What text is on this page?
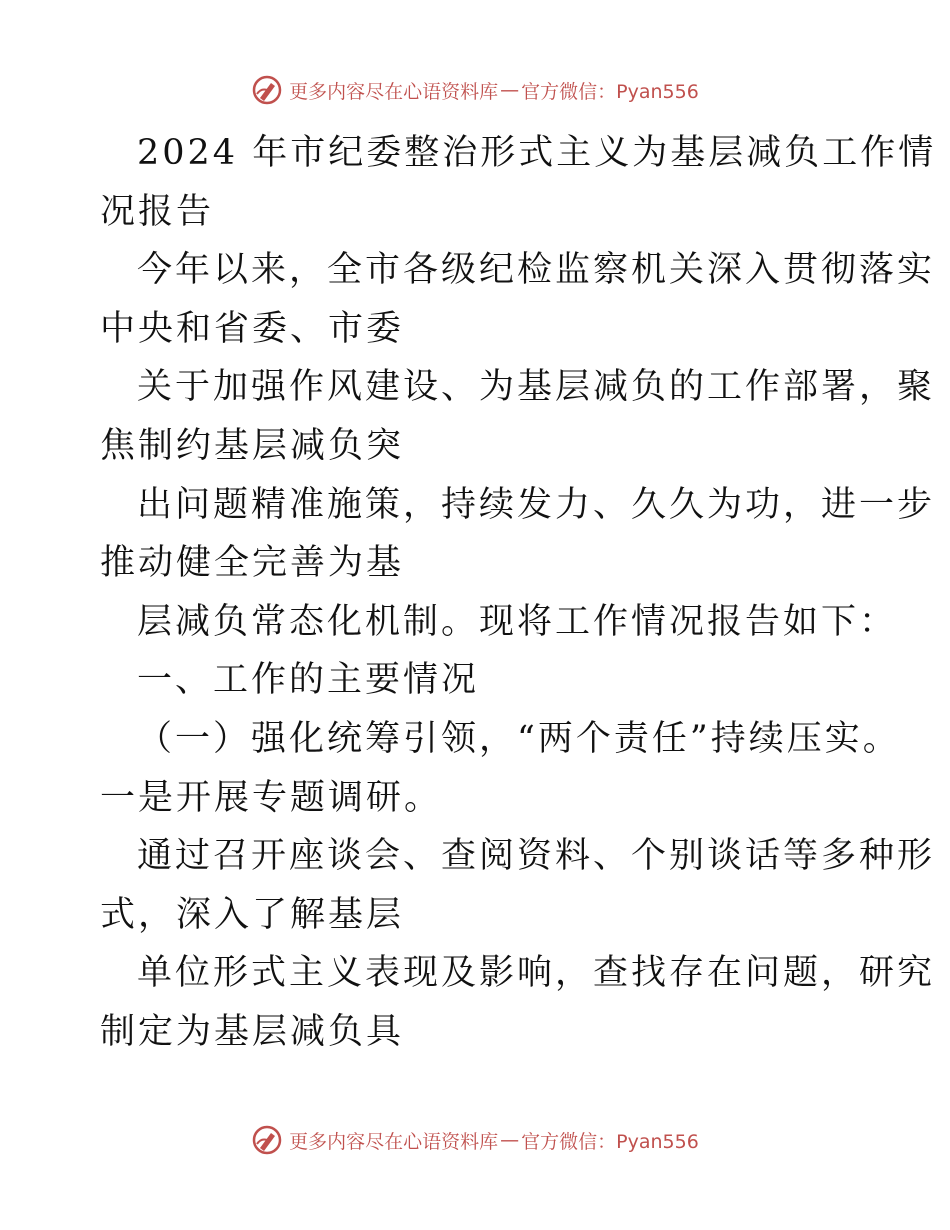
更多内容尽在心语资料库 — 官方微信：Pyan556
2024 年市纪委整治形式主义为基层减负工作情
况报告
今年以来，全市各级纪检监察机关深入贯彻落实
中央和省委、市委
关于加强作风建设、为基层减负的工作部署，聚
焦制约基层减负突
出问题精准施策，持续发力、久久为功，进一步
推动健全完善为基
层减负常态化机制。现将工作情况报告如下：
一、工作的主要情况
（一）强化统筹引领，“两个责任”持续压实。
一是开展专题调研。
通过召开座谈会、查阅资料、个别谈话等多种形
式，深入了解基层
单位形式主义表现及影响，查找存在问题，研究
制定为基层减负具
更多内容尽在心语资料库 — 官方微信：Pyan556
